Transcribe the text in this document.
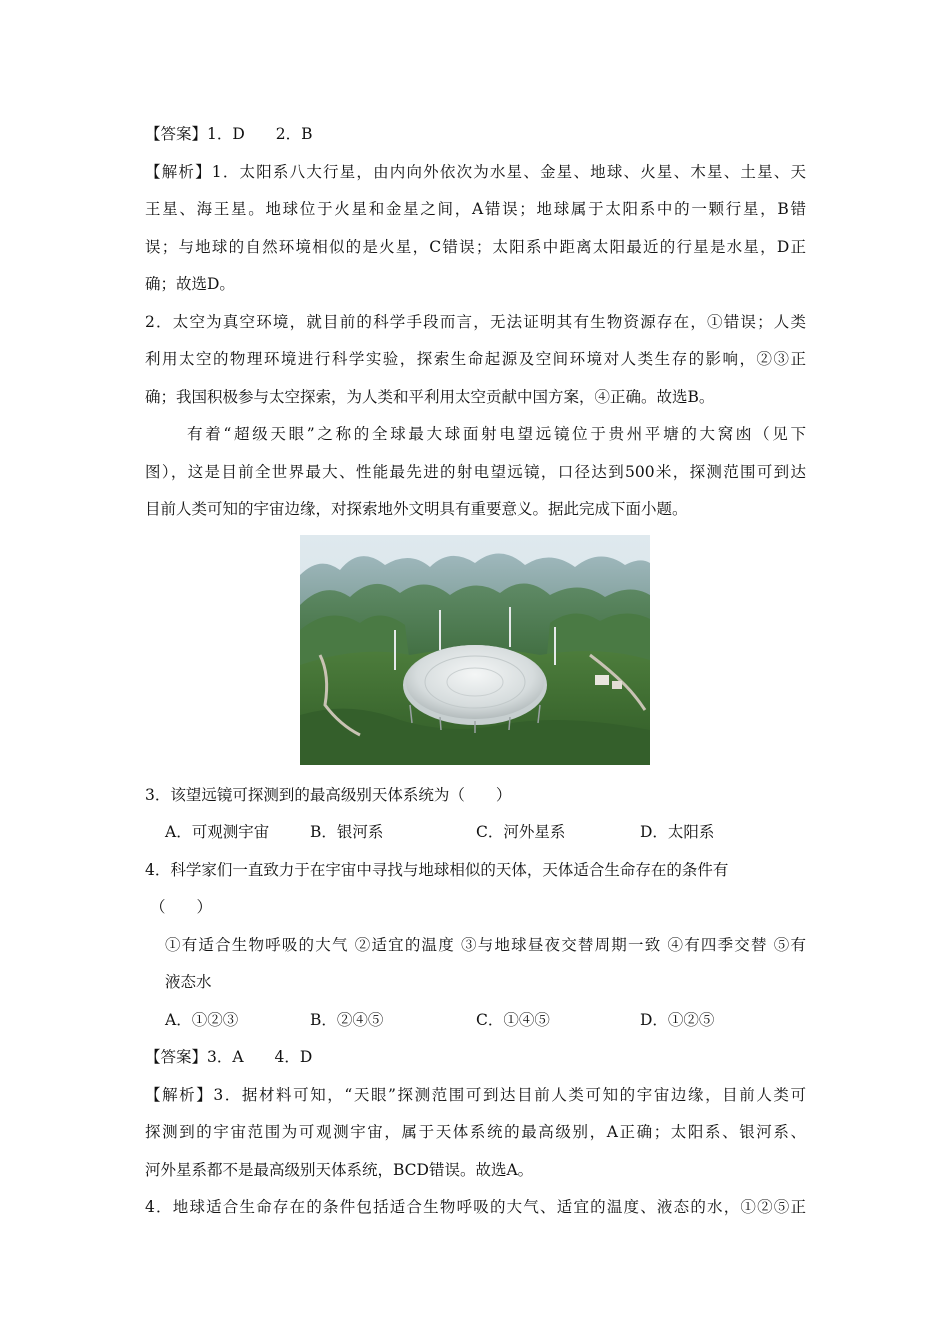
【答案】1．D　　2．B
【解析】1．太阳系八大行星，由内向外依次为水星、金星、地球、火星、木星、土星、天
王星、海王星。地球位于火星和金星之间，A错误；地球属于太阳系中的一颗行星，B错
误；与地球的自然环境相似的是火星，C错误；太阳系中距离太阳最近的行星是水星，D正
确；故选D。
2．太空为真空环境，就目前的科学手段而言，无法证明其有生物资源存在，①错误；人类
利用太空的物理环境进行科学实验，探索生命起源及空间环境对人类生存的影响，②③正
确；我国积极参与太空探索，为人类和平利用太空贡献中国方案，④正确。故选B。
有着“超级天眼”之称的全球最大球面射电望远镜位于贵州平塘的大窝凼（见下
图），这是目前全世界最大、性能最先进的射电望远镜，口径达到500米，探测范围可到达
目前人类可知的宇宙边缘，对探索地外文明具有重要意义。据此完成下面小题。
3．该望远镜可探测到的最高级别天体系统为（　　）
A．可观测宇宙	B．银河系	C．河外星系	D．太阳系
4．科学家们一直致力于在宇宙中寻找与地球相似的天体，天体适合生命存在的条件有
（　　）
①有适合生物呼吸的大气 ②适宜的温度 ③与地球昼夜交替周期一致 ④有四季交替 ⑤有
液态水
A．①②③	B．②④⑤	C．①④⑤	D．①②⑤
【答案】3．A　　4．D
【解析】3．据材料可知，“天眼”探测范围可到达目前人类可知的宇宙边缘，目前人类可
探测到的宇宙范围为可观测宇宙，属于天体系统的最高级别，A正确；太阳系、银河系、
河外星系都不是最高级别天体系统，BCD错误。故选A。
4．地球适合生命存在的条件包括适合生物呼吸的大气、适宜的温度、液态的水，①②⑤正
